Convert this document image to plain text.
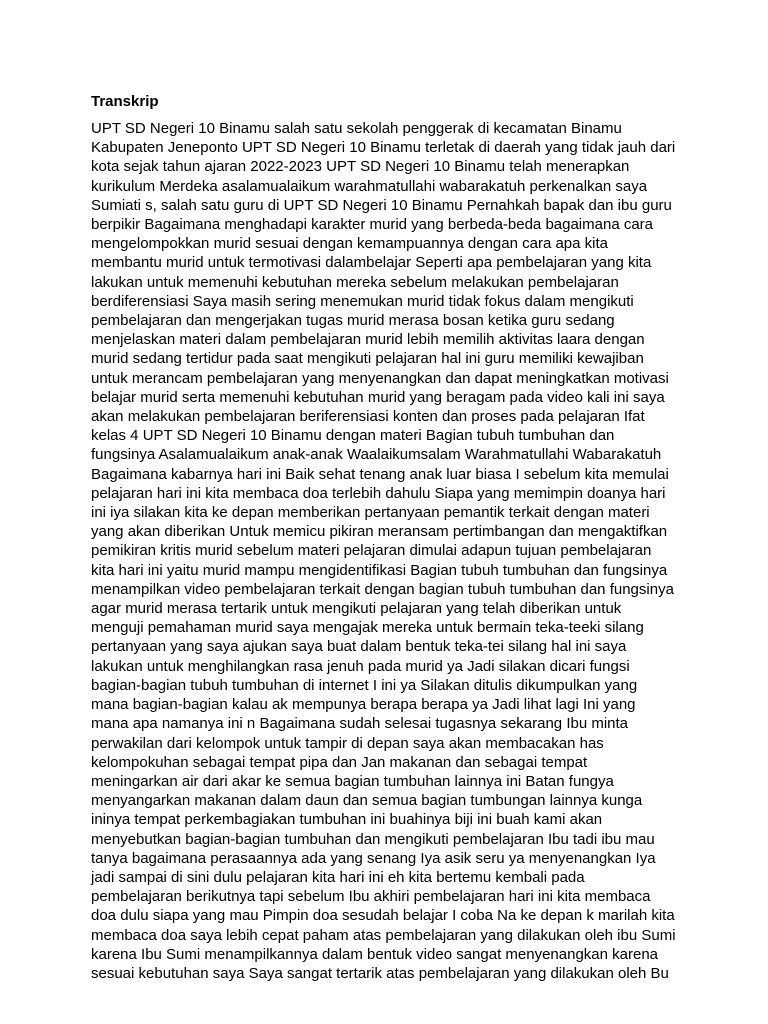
Transkrip
UPT SD Negeri 10 Binamu salah satu sekolah penggerak di kecamatan Binamu
Kabupaten Jeneponto UPT SD Negeri 10 Binamu terletak di daerah yang tidak jauh dari
kota sejak tahun ajaran 2022-2023 UPT SD Negeri 10 Binamu telah menerapkan
kurikulum Merdeka asalamualaikum warahmatullahi wabarakatuh perkenalkan saya
Sumiati s, salah satu guru di UPT SD Negeri 10 Binamu Pernahkah bapak dan ibu guru
berpikir Bagaimana menghadapi karakter murid yang berbeda-beda bagaimana cara
mengelompokkan murid sesuai dengan kemampuannya dengan cara apa kita
membantu murid untuk termotivasi dalambelajar Seperti apa pembelajaran yang kita
lakukan untuk memenuhi kebutuhan mereka sebelum melakukan pembelajaran
berdiferensiasi Saya masih sering menemukan murid tidak fokus dalam mengikuti
pembelajaran dan mengerjakan tugas murid merasa bosan ketika guru sedang
menjelaskan materi dalam pembelajaran murid lebih memilih aktivitas laara dengan
murid sedang tertidur pada saat mengikuti pelajaran hal ini guru memiliki kewajiban
untuk merancam pembelajaran yang menyenangkan dan dapat meningkatkan motivasi
belajar murid serta memenuhi kebutuhan murid yang beragam pada video kali ini saya
akan melakukan pembelajaran beriferensiasi konten dan proses pada pelajaran Ifat
kelas 4 UPT SD Negeri 10 Binamu dengan materi Bagian tubuh tumbuhan dan
fungsinya Asalamualaikum anak-anak Waalaikumsalam Warahmatullahi Wabarakatuh
Bagaimana kabarnya hari ini Baik sehat tenang anak luar biasa I sebelum kita memulai
pelajaran hari ini kita membaca doa terlebih dahulu Siapa yang memimpin doanya hari
ini iya silakan kita ke depan memberikan pertanyaan pemantik terkait dengan materi
yang akan diberikan Untuk memicu pikiran meransam pertimbangan dan mengaktifkan
pemikiran kritis murid sebelum materi pelajaran dimulai adapun tujuan pembelajaran
kita hari ini yaitu murid mampu mengidentifikasi Bagian tubuh tumbuhan dan fungsinya
menampilkan video pembelajaran terkait dengan bagian tubuh tumbuhan dan fungsinya
agar murid merasa tertarik untuk mengikuti pelajaran yang telah diberikan untuk
menguji pemahaman murid saya mengajak mereka untuk bermain teka-teeki silang
pertanyaan yang saya ajukan saya buat dalam bentuk teka-tei silang hal ini saya
lakukan untuk menghilangkan rasa jenuh pada murid ya Jadi silakan dicari fungsi
bagian-bagian tubuh tumbuhan di internet I ini ya Silakan ditulis dikumpulkan yang
mana bagian-bagian kalau ak mempunya berapa berapa ya Jadi lihat lagi Ini yang
mana apa namanya ini n Bagaimana sudah selesai tugasnya sekarang Ibu minta
perwakilan dari kelompok untuk tampir di depan saya akan membacakan has
kelompokuhan sebagai tempat pipa dan Jan makanan dan sebagai tempat
meningarkan air dari akar ke semua bagian tumbuhan lainnya ini Batan fungya
menyangarkan makanan dalam daun dan semua bagian tumbungan lainnya kunga
ininya tempat perkembagiakan tumbuhan ini buahinya biji ini buah kami akan
menyebutkan bagian-bagian tumbuhan dan mengikuti pembelajaran Ibu tadi ibu mau
tanya bagaimana perasaannya ada yang senang Iya asik seru ya menyenangkan Iya
jadi sampai di sini dulu pelajaran kita hari ini eh kita bertemu kembali pada
pembelajaran berikutnya tapi sebelum Ibu akhiri pembelajaran hari ini kita membaca
doa dulu siapa yang mau Pimpin doa sesudah belajar I coba Na ke depan k marilah kita
membaca doa saya lebih cepat paham atas pembelajaran yang dilakukan oleh ibu Sumi
karena Ibu Sumi menampilkannya dalam bentuk video sangat menyenangkan karena
sesuai kebutuhan saya Saya sangat tertarik atas pembelajaran yang dilakukan oleh Bu
